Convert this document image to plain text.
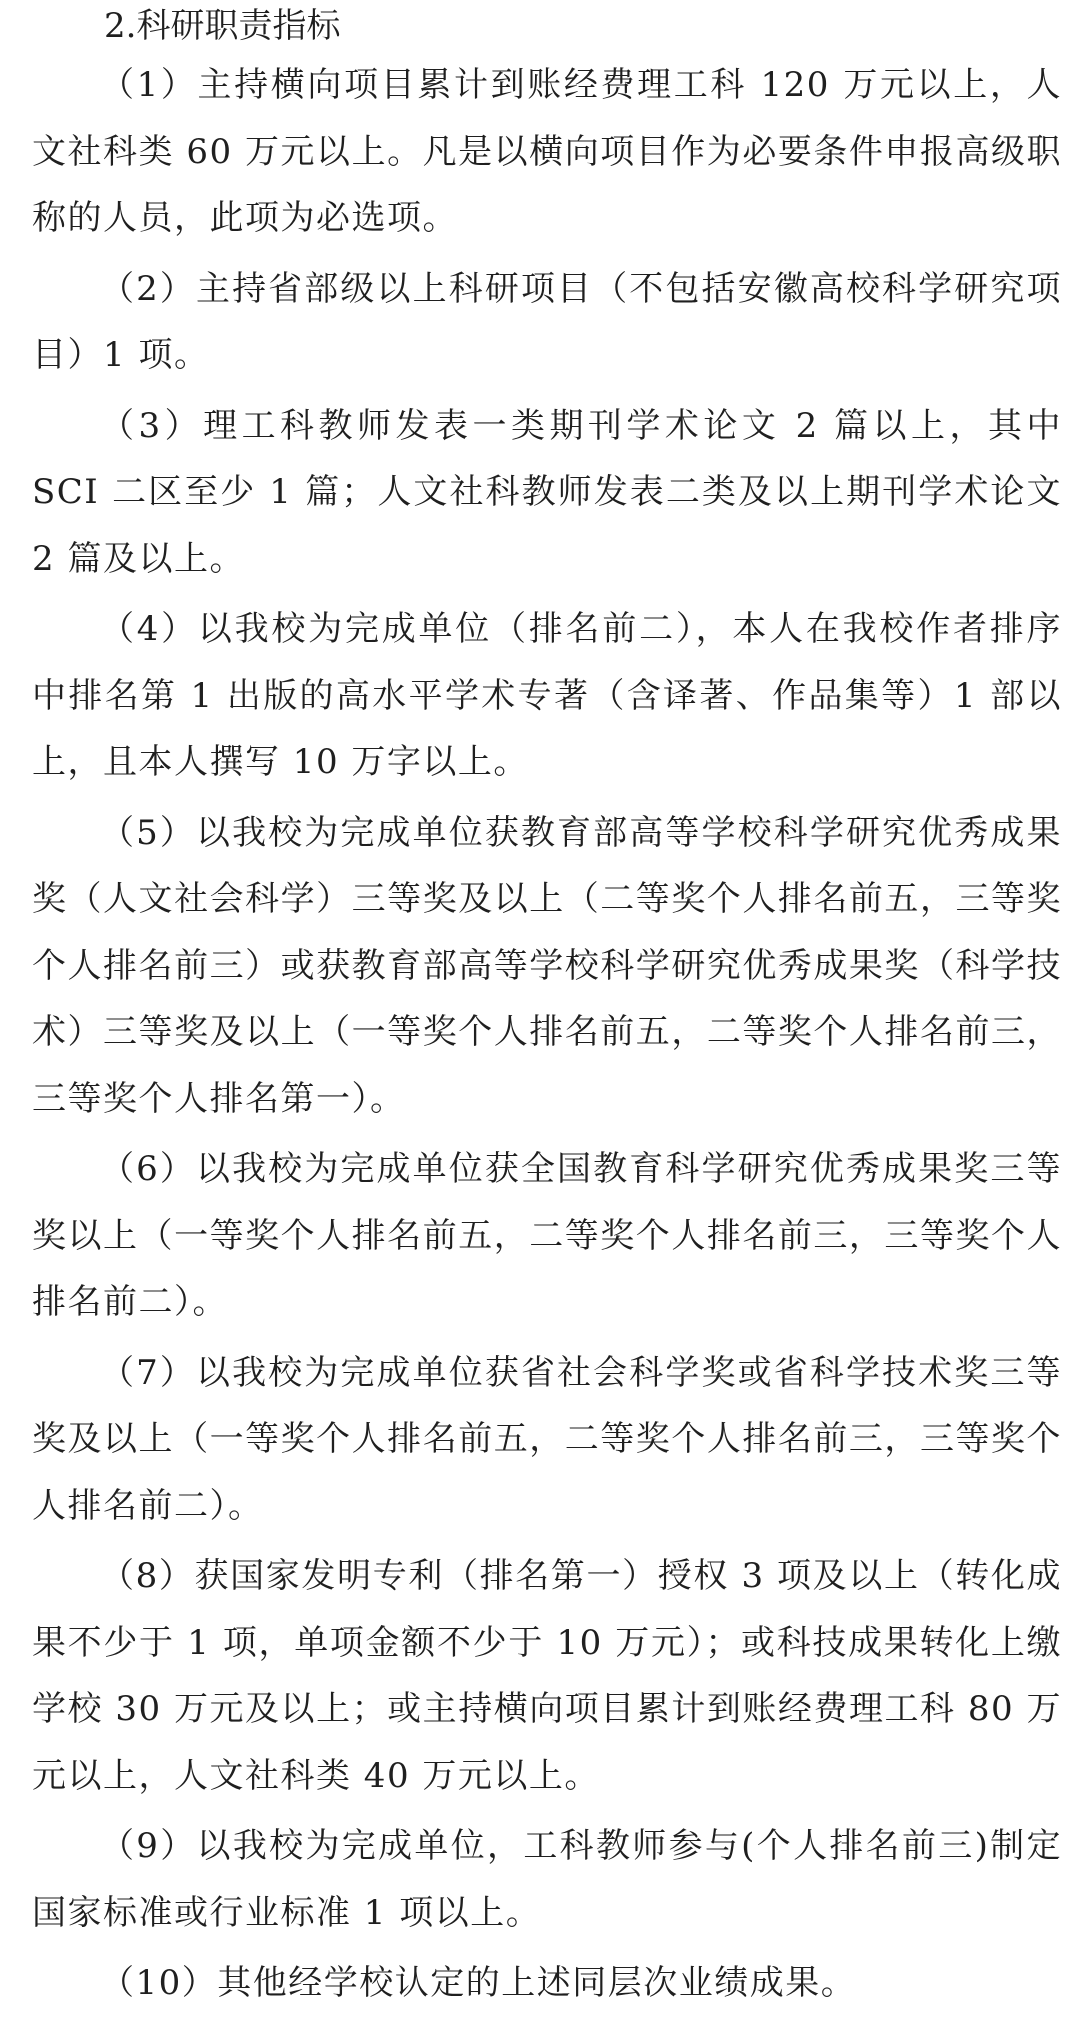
2.科研职责指标

（1）主持横向项目累计到账经费理工科 120 万元以上，人文社科类 60 万元以上。凡是以横向项目作为必要条件申报高级职称的人员，此项为必选项。

（2）主持省部级以上科研项目（不包括安徽高校科学研究项目）1 项。

（3）理工科教师发表一类期刊学术论文 2 篇以上，其中 SCI 二区至少 1 篇；人文社科教师发表二类及以上期刊学术论文 2 篇及以上。

（4）以我校为完成单位（排名前二），本人在我校作者排序中排名第 1 出版的高水平学术专著（含译著、作品集等）1 部以上，且本人撰写 10 万字以上。

（5）以我校为完成单位获教育部高等学校科学研究优秀成果奖（人文社会科学）三等奖及以上（二等奖个人排名前五，三等奖个人排名前三）或获教育部高等学校科学研究优秀成果奖（科学技术）三等奖及以上（一等奖个人排名前五，二等奖个人排名前三，三等奖个人排名第一）。

（6）以我校为完成单位获全国教育科学研究优秀成果奖三等奖以上（一等奖个人排名前五，二等奖个人排名前三，三等奖个人排名前二）。

（7）以我校为完成单位获省社会科学奖或省科学技术奖三等奖及以上（一等奖个人排名前五，二等奖个人排名前三，三等奖个人排名前二）。

（8）获国家发明专利（排名第一）授权 3 项及以上（转化成果不少于 1 项，单项金额不少于 10 万元）；或科技成果转化上缴学校 30 万元及以上；或主持横向项目累计到账经费理工科 80 万元以上，人文社科类 40 万元以上。

（9）以我校为完成单位，工科教师参与(个人排名前三)制定国家标准或行业标准 1 项以上。

（10）其他经学校认定的上述同层次业绩成果。
